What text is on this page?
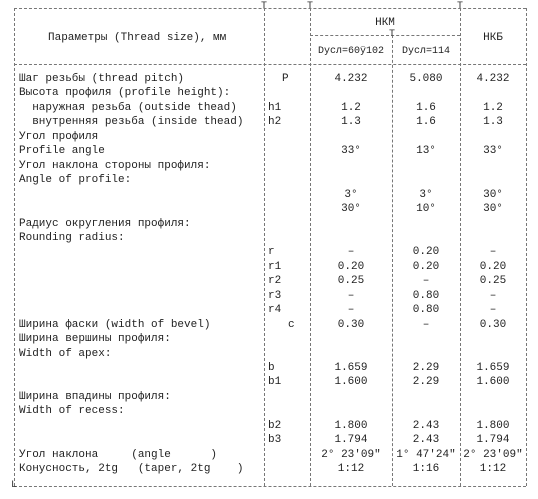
T	T	T
T
L
Параметры (Thread size), мм
НКМ
Dусл=60ÿ102	Dусл=114
НКБ
Шаг резьбы (thread pitch)	P	4.232	5.080	4.232
Высота профиля (profile height):
наружная резьба (outside thead)	h1	1.2	1.6	1.2
внутренняя резьба (inside thead) h2	1.3	1.6	1.3
Угол профиля
Profile angle	33°	13°	33°
Угол наклона стороны профиля:
Angle of profile:
3°	3°	30°
30°	10°	30°
Радиус округления профиля:
Rounding radius:
r	–	0.20	–
r1	0.20	0.20	0.20
r2	0.25	–	0.25
r3	–	0.80	–
r4	–	0.80	–
Ширина фаски (width of bevel)	c	0.30	–	0.30
Ширина вершины профиля:
Width of apex:
b	1.659	2.29	1.659
b1	1.600	2.29	1.600
Ширина впадины профиля:
Width of recess:
b2	1.800	2.43	1.800
b3	1.794	2.43	1.794
Угол наклона     (angle      )	2° 23'09"	1° 47'24" 2° 23'09"
Конусность, 2tg   (taper, 2tg    )	1:12	1:16	1:12
